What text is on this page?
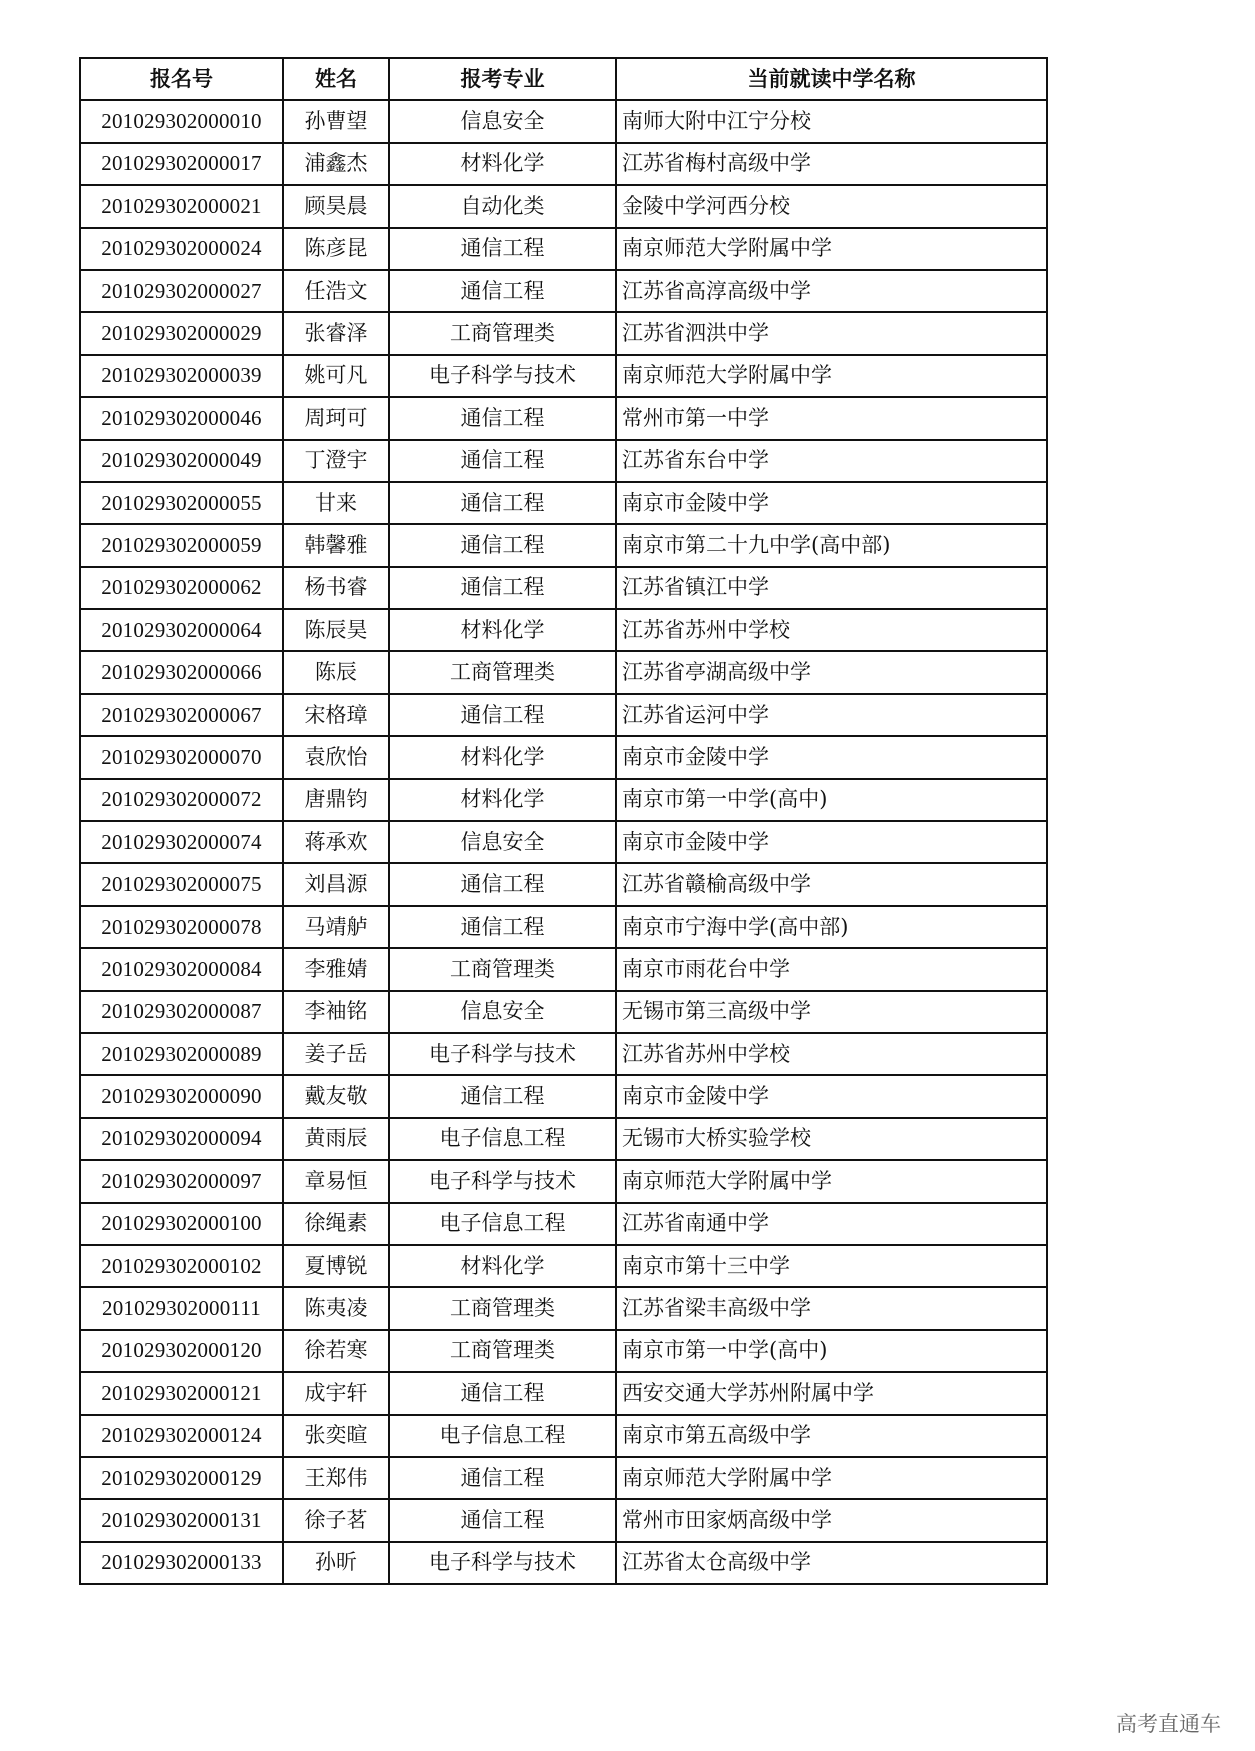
报名号	姓名	报考专业	当前就读中学名称
201029302000010	孙曹望	信息安全	南师大附中江宁分校
201029302000017	浦鑫杰	材料化学	江苏省梅村高级中学
201029302000021	顾昊晨	自动化类	金陵中学河西分校
201029302000024	陈彦昆	通信工程	南京师范大学附属中学
201029302000027	任浩文	通信工程	江苏省高淳高级中学
201029302000029	张睿泽	工商管理类	江苏省泗洪中学
201029302000039	姚可凡	电子科学与技术	南京师范大学附属中学
201029302000046	周珂可	通信工程	常州市第一中学
201029302000049	丁澄宇	通信工程	江苏省东台中学
201029302000055	甘来	通信工程	南京市金陵中学
201029302000059	韩馨雅	通信工程	南京市第二十九中学(高中部)
201029302000062	杨书睿	通信工程	江苏省镇江中学
201029302000064	陈辰昊	材料化学	江苏省苏州中学校
201029302000066	陈辰	工商管理类	江苏省亭湖高级中学
201029302000067	宋格璋	通信工程	江苏省运河中学
201029302000070	袁欣怡	材料化学	南京市金陵中学
201029302000072	唐鼎钧	材料化学	南京市第一中学(高中)
201029302000074	蒋承欢	信息安全	南京市金陵中学
201029302000075	刘昌源	通信工程	江苏省赣榆高级中学
201029302000078	马靖舻	通信工程	南京市宁海中学(高中部)
201029302000084	李雅婧	工商管理类	南京市雨花台中学
201029302000087	李袖铭	信息安全	无锡市第三高级中学
201029302000089	姜子岳	电子科学与技术	江苏省苏州中学校
201029302000090	戴友敬	通信工程	南京市金陵中学
201029302000094	黄雨辰	电子信息工程	无锡市大桥实验学校
201029302000097	章易恒	电子科学与技术	南京师范大学附属中学
201029302000100	徐绳素	电子信息工程	江苏省南通中学
201029302000102	夏博锐	材料化学	南京市第十三中学
201029302000111	陈夷凌	工商管理类	江苏省梁丰高级中学
201029302000120	徐若寒	工商管理类	南京市第一中学(高中)
201029302000121	成宇轩	通信工程	西安交通大学苏州附属中学
201029302000124	张奕暄	电子信息工程	南京市第五高级中学
201029302000129	王郑伟	通信工程	南京师范大学附属中学
201029302000131	徐子茗	通信工程	常州市田家炳高级中学
201029302000133	孙昕	电子科学与技术	江苏省太仓高级中学
高考直通车
